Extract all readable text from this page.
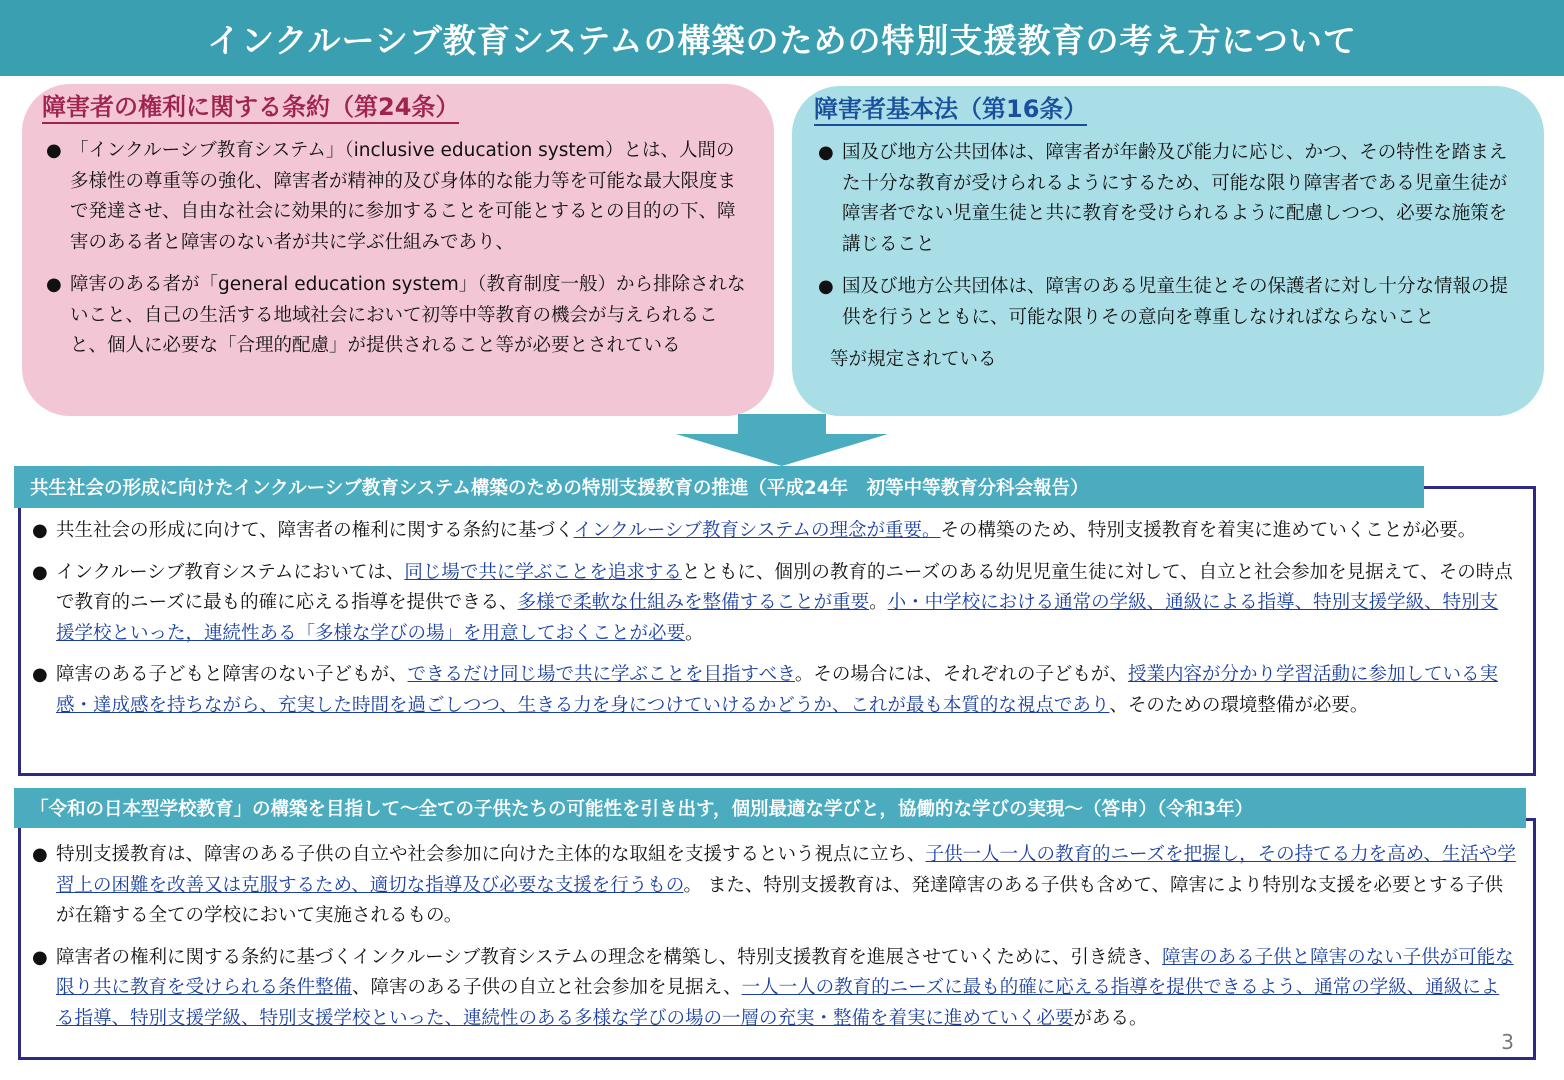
インクルーシブ教育システムの構築のための特別支援教育の考え方について
障害者の権利に関する条約（第24条）
● 「インクルーシブ教育システム」（inclusive education system）とは、人間の多様性の尊重等の強化、障害者が精神的及び身体的な能力等を可能な最大限度まで発達させ、自由な社会に効果的に参加することを可能とするとの目的の下、障害のある者と障害のない者が共に学ぶ仕組みであり、
● 障害のある者が「general education system」（教育制度一般）から排除されないこと、自己の生活する地域社会において初等中等教育の機会が与えられること、個人に必要な「合理的配慮」が提供されること等が必要とされている
障害者基本法（第16条）
● 国及び地方公共団体は、障害者が年齢及び能力に応じ、かつ、その特性を踏まえた十分な教育が受けられるようにするため、可能な限り障害者である児童生徒が障害者でない児童生徒と共に教育を受けられるように配慮しつつ、必要な施策を講じること
● 国及び地方公共団体は、障害のある児童生徒とその保護者に対し十分な情報の提供を行うとともに、可能な限りその意向を尊重しなければならないこと
等が規定されている
共生社会の形成に向けたインクルーシブ教育システム構築のための特別支援教育の推進（平成24年　初等中等教育分科会報告）
● 共生社会の形成に向けて、障害者の権利に関する条約に基づくインクルーシブ教育システムの理念が重要。その構築のため、特別支援教育を着実に進めていくことが必要。
● インクルーシブ教育システムにおいては、同じ場で共に学ぶことを追求するとともに、個別の教育的ニーズのある幼児児童生徒に対して、自立と社会参加を見据えて、その時点で教育的ニーズに最も的確に応える指導を提供できる、多様で柔軟な仕組みを整備することが重要。小・中学校における通常の学級、通級による指導、特別支援学級、特別支援学校といった，連続性ある「多様な学びの場」を用意しておくことが必要。
● 障害のある子どもと障害のない子どもが、できるだけ同じ場で共に学ぶことを目指すべき。その場合には、それぞれの子どもが、授業内容が分かり学習活動に参加している実感・達成感を持ちながら、充実した時間を過ごしつつ、生きる力を身につけていけるかどうか、これが最も本質的な視点であり、そのための環境整備が必要。
「令和の日本型学校教育」の構築を目指して～全ての子供たちの可能性を引き出す，個別最適な学びと，協働的な学びの実現～（答申）（令和3年）
● 特別支援教育は、障害のある子供の自立や社会参加に向けた主体的な取組を支援するという視点に立ち、子供一人一人の教育的ニーズを把握し，その持てる力を高め、生活や学習上の困難を改善又は克服するため、適切な指導及び必要な支援を行うもの。 また、特別支援教育は、発達障害のある子供も含めて、障害により特別な支援を必要とする子供が在籍する全ての学校において実施されるもの。
● 障害者の権利に関する条約に基づくインクルーシブ教育システムの理念を構築し、特別支援教育を進展させていくために、引き続き、障害のある子供と障害のない子供が可能な限り共に教育を受けられる条件整備、障害のある子供の自立と社会参加を見据え、一人一人の教育的ニーズに最も的確に応える指導を提供できるよう、通常の学級、通級による指導、特別支援学級、特別支援学校といった、連続性のある多様な学びの場の一層の充実・整備を着実に進めていく必要がある。
3
